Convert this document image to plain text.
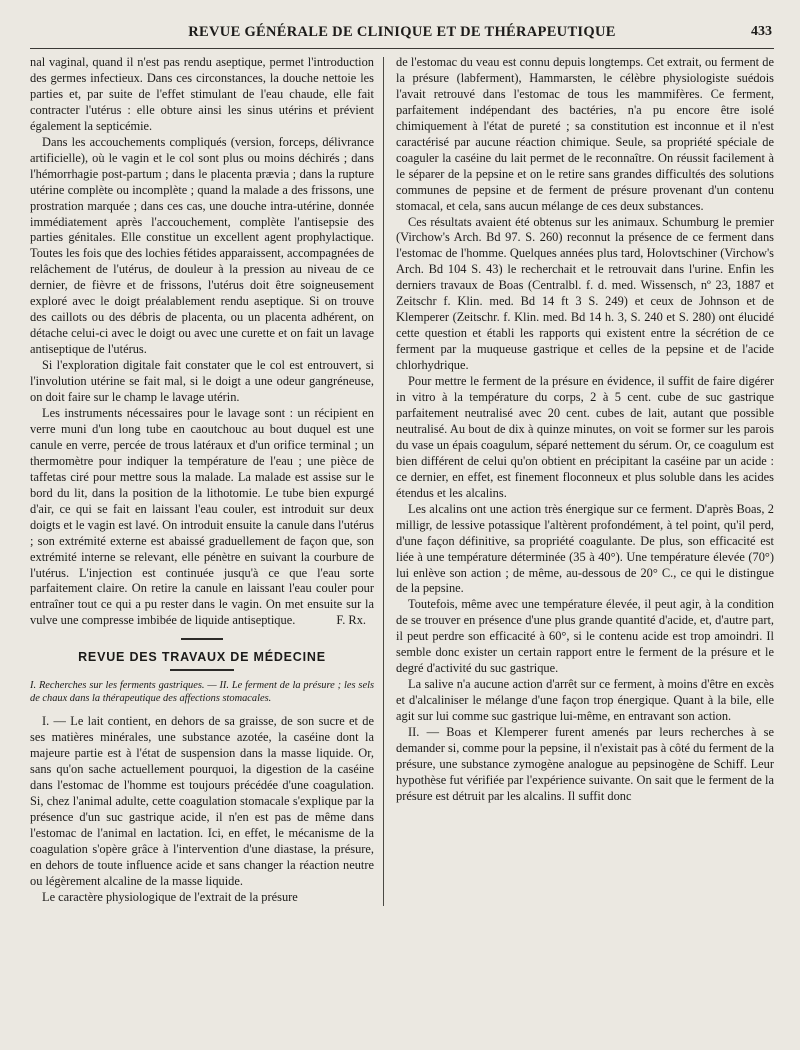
REVUE GÉNÉRALE DE CLINIQUE ET DE THÉRAPEUTIQUE	433

nal vaginal, quand il n'est pas rendu aseptique, permet l'introduction des germes infectieux. Dans ces circonstances, la douche nettoie les parties et, par suite de l'effet stimulant de l'eau chaude, elle fait contracter l'utérus : elle obture ainsi les sinus utérins et prévient également la septicémie.

Dans les accouchements compliqués (version, forceps, délivrance artificielle), où le vagin et le col sont plus ou moins déchirés ; dans l'hémorrhagie post-partum ; dans le placenta prævia ; dans la rupture utérine complète ou incomplète ; quand la malade a des frissons, une prostration marquée ; dans ces cas, une douche intra-utérine, donnée immédiatement après l'accouchement, complète l'antisepsie des parties génitales. Elle constitue un excellent agent prophylactique. Toutes les fois que des lochies fétides apparaissent, accompagnées de relâchement de l'utérus, de douleur à la pression au niveau de ce dernier, de fièvre et de frissons, l'utérus doit être soigneusement exploré avec le doigt préalablement rendu aseptique. Si on trouve des caillots ou des débris de placenta, ou un placenta adhérent, on détache celui-ci avec le doigt ou avec une curette et on fait un lavage antiseptique de l'utérus.

Si l'exploration digitale fait constater que le col est entrouvert, si l'involution utérine se fait mal, si le doigt a une odeur gangréneuse, on doit faire sur le champ le lavage utérin.

Les instruments nécessaires pour le lavage sont : un récipient en verre muni d'un long tube en caoutchouc au bout duquel est une canule en verre, percée de trous latéraux et d'un orifice terminal ; un thermomètre pour indiquer la température de l'eau ; une pièce de taffetas ciré pour mettre sous la malade. La malade est assise sur le bord du lit, dans la position de la lithotomie. Le tube bien expurgé d'air, ce qui se fait en laissant l'eau couler, est introduit sur deux doigts et le vagin est lavé. On introduit ensuite la canule dans l'utérus ; son extrémité externe est abaissé graduellement de façon que, son extrémité interne se relevant, elle pénètre en suivant la courbure de l'utérus. L'injection est continuée jusqu'à ce que l'eau sorte parfaitement claire. On retire la canule en laissant l'eau couler pour entraîner tout ce qui a pu rester dans le vagin. On met ensuite sur la vulve une compresse imbibée de liquide antiseptique.	F. Rx.

REVUE DES TRAVAUX DE MÉDECINE
I. Recherches sur les ferments gastriques. — II. Le ferment de la présure ; les sels de chaux dans la thérapeutique des affections stomacales.

I. — Le lait contient, en dehors de sa graisse, de son sucre et de ses matières minérales, une substance azotée, la caséine dont la majeure partie est à l'état de suspension dans la masse liquide. Or, sans qu'on sache actuellement pourquoi, la digestion de la caséine dans l'estomac de l'homme est toujours précédée d'une coagulation. Si, chez l'animal adulte, cette coagulation stomacale s'explique par la présence d'un suc gastrique acide, il n'en est pas de même dans l'estomac de l'animal en lactation. Ici, en effet, le mécanisme de la coagulation s'opère grâce à l'intervention d'une diastase, la présure, en dehors de toute influence acide et sans changer la réaction neutre ou légèrement alcaline de la masse liquide.

Le caractère physiologique de l'extrait de la présure

de l'estomac du veau est connu depuis longtemps. Cet extrait, ou ferment de la présure (labferment), Hammarsten, le célèbre physiologiste suédois l'avait retrouvé dans l'estomac de tous les mammifères. Ce ferment, parfaitement indépendant des bactéries, n'a pu encore être isolé chimiquement à l'état de pureté ; sa constitution est inconnue et il n'est caractérisé par aucune réaction chimique. Seule, sa propriété spéciale de coaguler la caséine du lait permet de le reconnaître. On réussit facilement à le séparer de la pepsine et on le retire sans grandes difficultés des solutions communes de pepsine et de ferment de présure provenant d'un contenu stomacal, et cela, sans aucun mélange de ces deux substances.

Ces résultats avaient été obtenus sur les animaux. Schumburg le premier (Virchow's Arch. Bd 97. S. 260) reconnut la présence de ce ferment dans l'estomac de l'homme. Quelques années plus tard, Holovtschiner (Virchow's Arch. Bd 104 S. 43) le recherchait et le retrouvait dans l'urine. Enfin les derniers travaux de Boas (Centralbl. f. d. med. Wissensch, nº 23, 1887 et Zeitschr f. Klin. med. Bd 14 ft 3 S. 249) et ceux de Johnson et de Klemperer (Zeitschr. f. Klin. med. Bd 14 h. 3, S. 240 et S. 280) ont élucidé cette question et établi les rapports qui existent entre la sécrétion de ce ferment par la muqueuse gastrique et celles de la pepsine et de l'acide chlorhydrique.

Pour mettre le ferment de la présure en évidence, il suffit de faire digérer in vitro à la température du corps, 2 à 5 cent. cube de suc gastrique parfaitement neutralisé avec 20 cent. cubes de lait, autant que possible neutralisé. Au bout de dix à quinze minutes, on voit se former sur les parois du vase un épais coagulum, séparé nettement du sérum. Or, ce coagulum est bien différent de celui qu'on obtient en précipitant la caséine par un acide : ce dernier, en effet, est finement floconneux et plus soluble dans les acides étendus et les alcalins.

Les alcalins ont une action très énergique sur ce ferment. D'après Boas, 2 milligr, de lessive potassique l'altèrent profondément, à tel point, qu'il perd, d'une façon définitive, sa propriété coagulante. De plus, son efficacité est liée à une température déterminée (35 à 40°). Une température élevée (70°) lui enlève son action ; de même, au-dessous de 20° C., ce qui le distingue de la pepsine.

Toutefois, même avec une température élevée, il peut agir, à la condition de se trouver en présence d'une plus grande quantité d'acide, et, d'autre part, il peut perdre son efficacité à 60°, si le contenu acide est trop amoindri. Il semble donc exister un certain rapport entre le ferment de la présure et le degré d'activité du suc gastrique.

La salive n'a aucune action d'arrêt sur ce ferment, à moins d'être en excès et d'alcaliniser le mélange d'une façon trop énergique. Quant à la bile, elle agit sur lui comme suc gastrique lui-même, en entravant son action.

II. — Boas et Klemperer furent amenés par leurs recherches à se demander si, comme pour la pepsine, il n'existait pas à côté du ferment de la présure, une substance zymogène analogue au pepsinogène de Schiff. Leur hypothèse fut vérifiée par l'expérience suivante. On sait que le ferment de la présure est détruit par les alcalins. Il suffit donc
